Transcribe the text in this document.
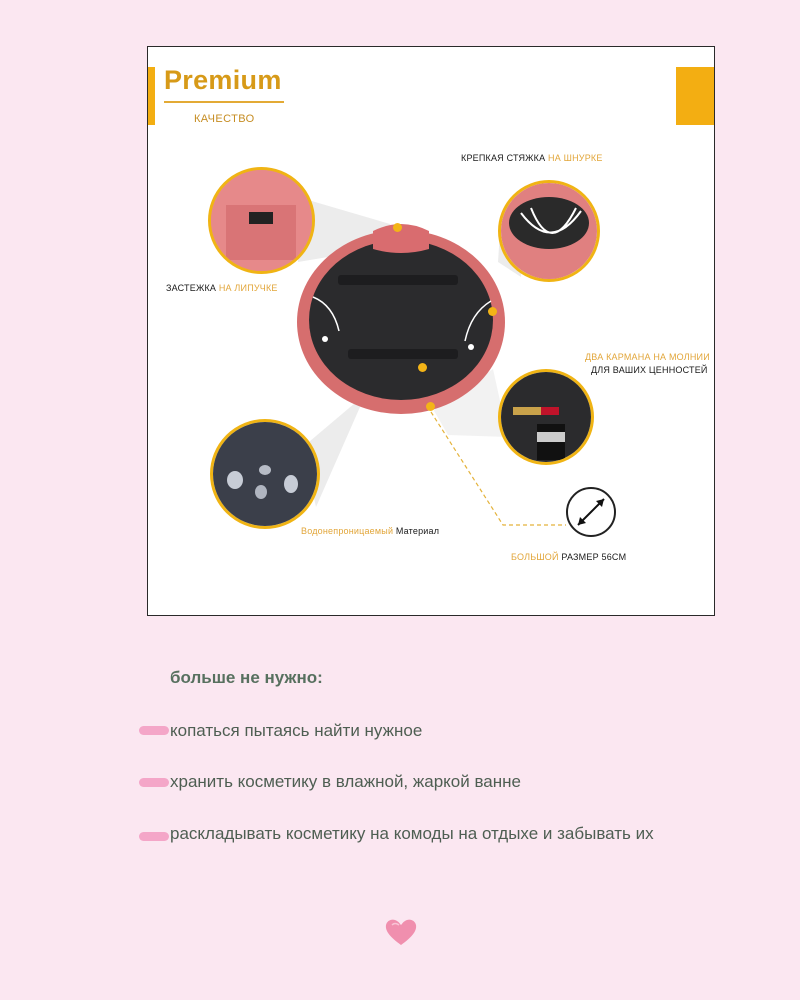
Premium
КАЧЕСТВО
КРЕПКАЯ СТЯЖКА НА ШНУРКЕ
ЗАСТЕЖКА НА ЛИПУЧКЕ
ДВА КАРМАНА НА МОЛНИИ
ДЛЯ ВАШИХ ЦЕННОСТЕЙ
Водонепроницаемый Материал
БОЛЬШОЙ РАЗМЕР 56CM
больше не нужно:
копаться пытаясь найти нужное
хранить косметику в влажной, жаркой ванне
раскладывать косметику на комоды на отдыхе и забывать их
